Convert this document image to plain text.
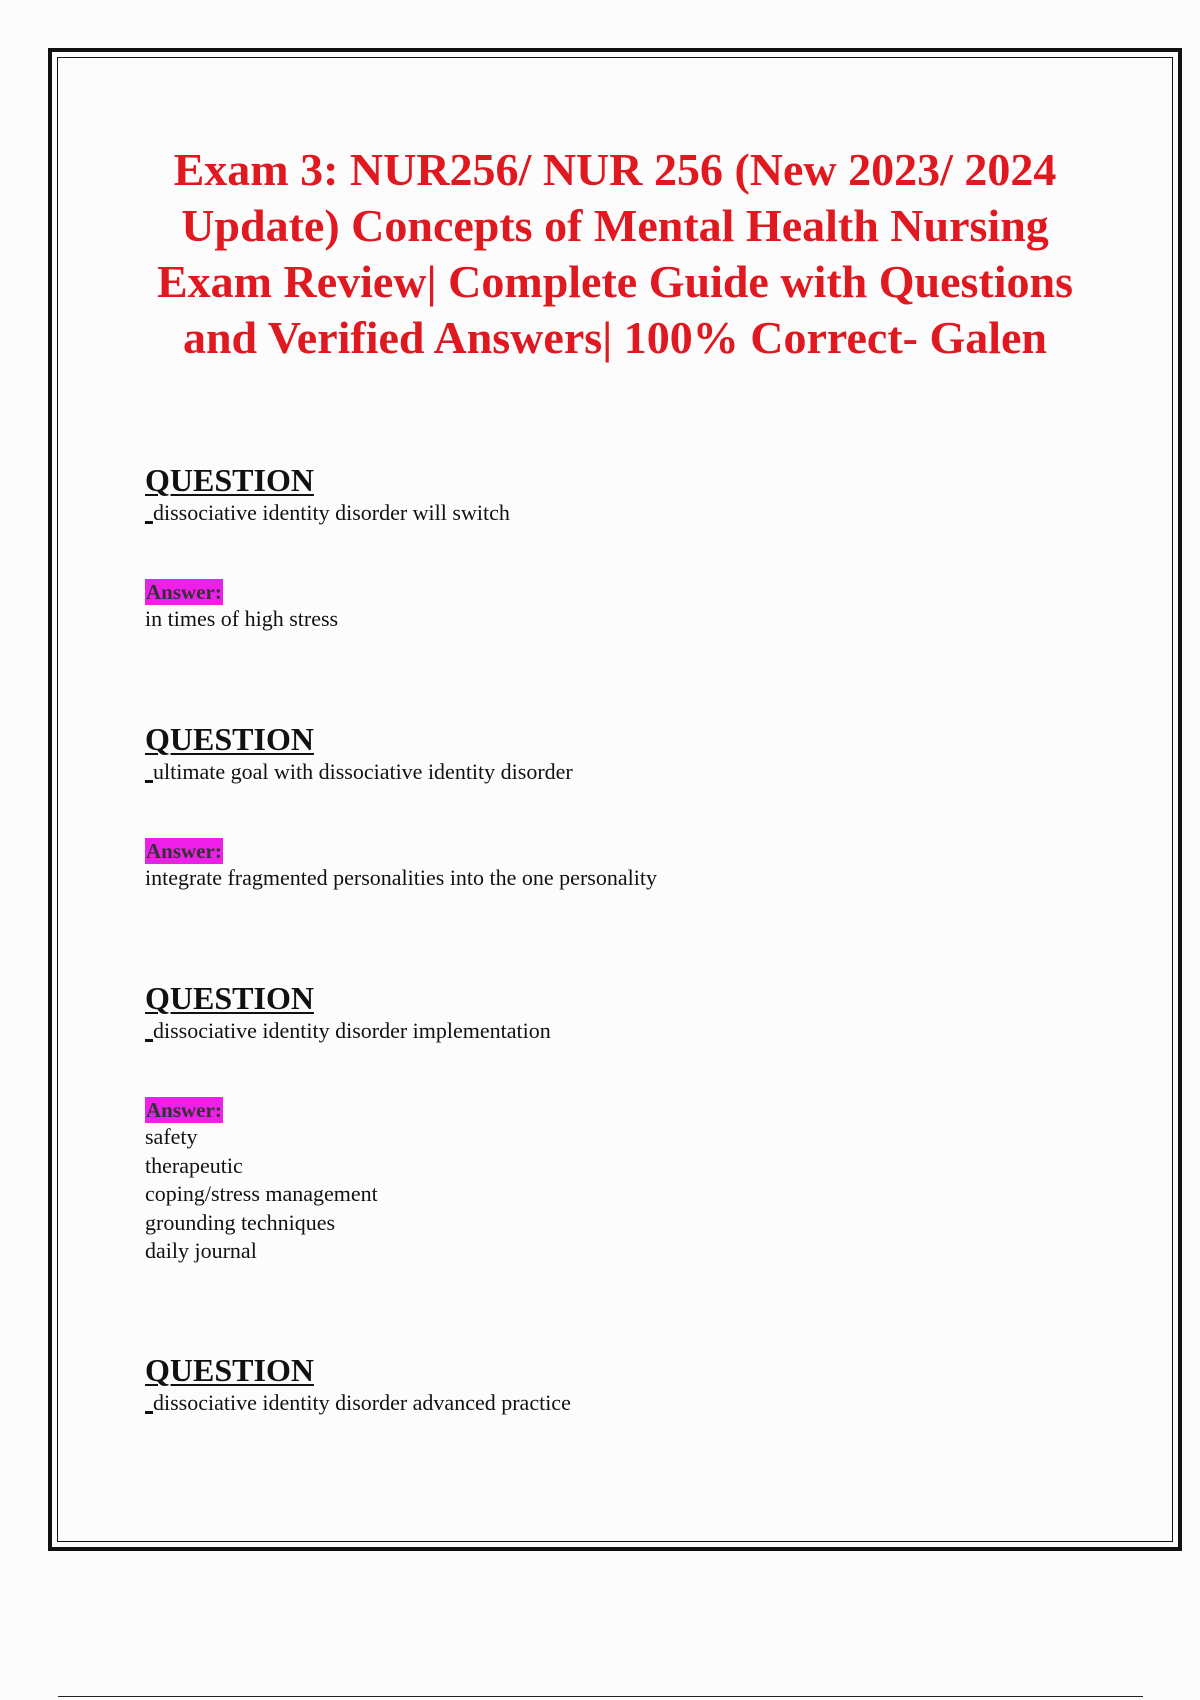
Exam 3: NUR256/ NUR 256 (New 2023/ 2024 Update) Concepts of Mental Health Nursing Exam Review| Complete Guide with Questions and Verified Answers| 100% Correct- Galen
QUESTION
dissociative identity disorder will switch
Answer:

in times of high stress

QUESTION
ultimate goal with dissociative identity disorder
Answer:

integrate fragmented personalities into the one personality

QUESTION
dissociative identity disorder implementation
Answer:

safety

therapeutic

coping/stress management

grounding techniques

daily journal

QUESTION
dissociative identity disorder advanced practice
